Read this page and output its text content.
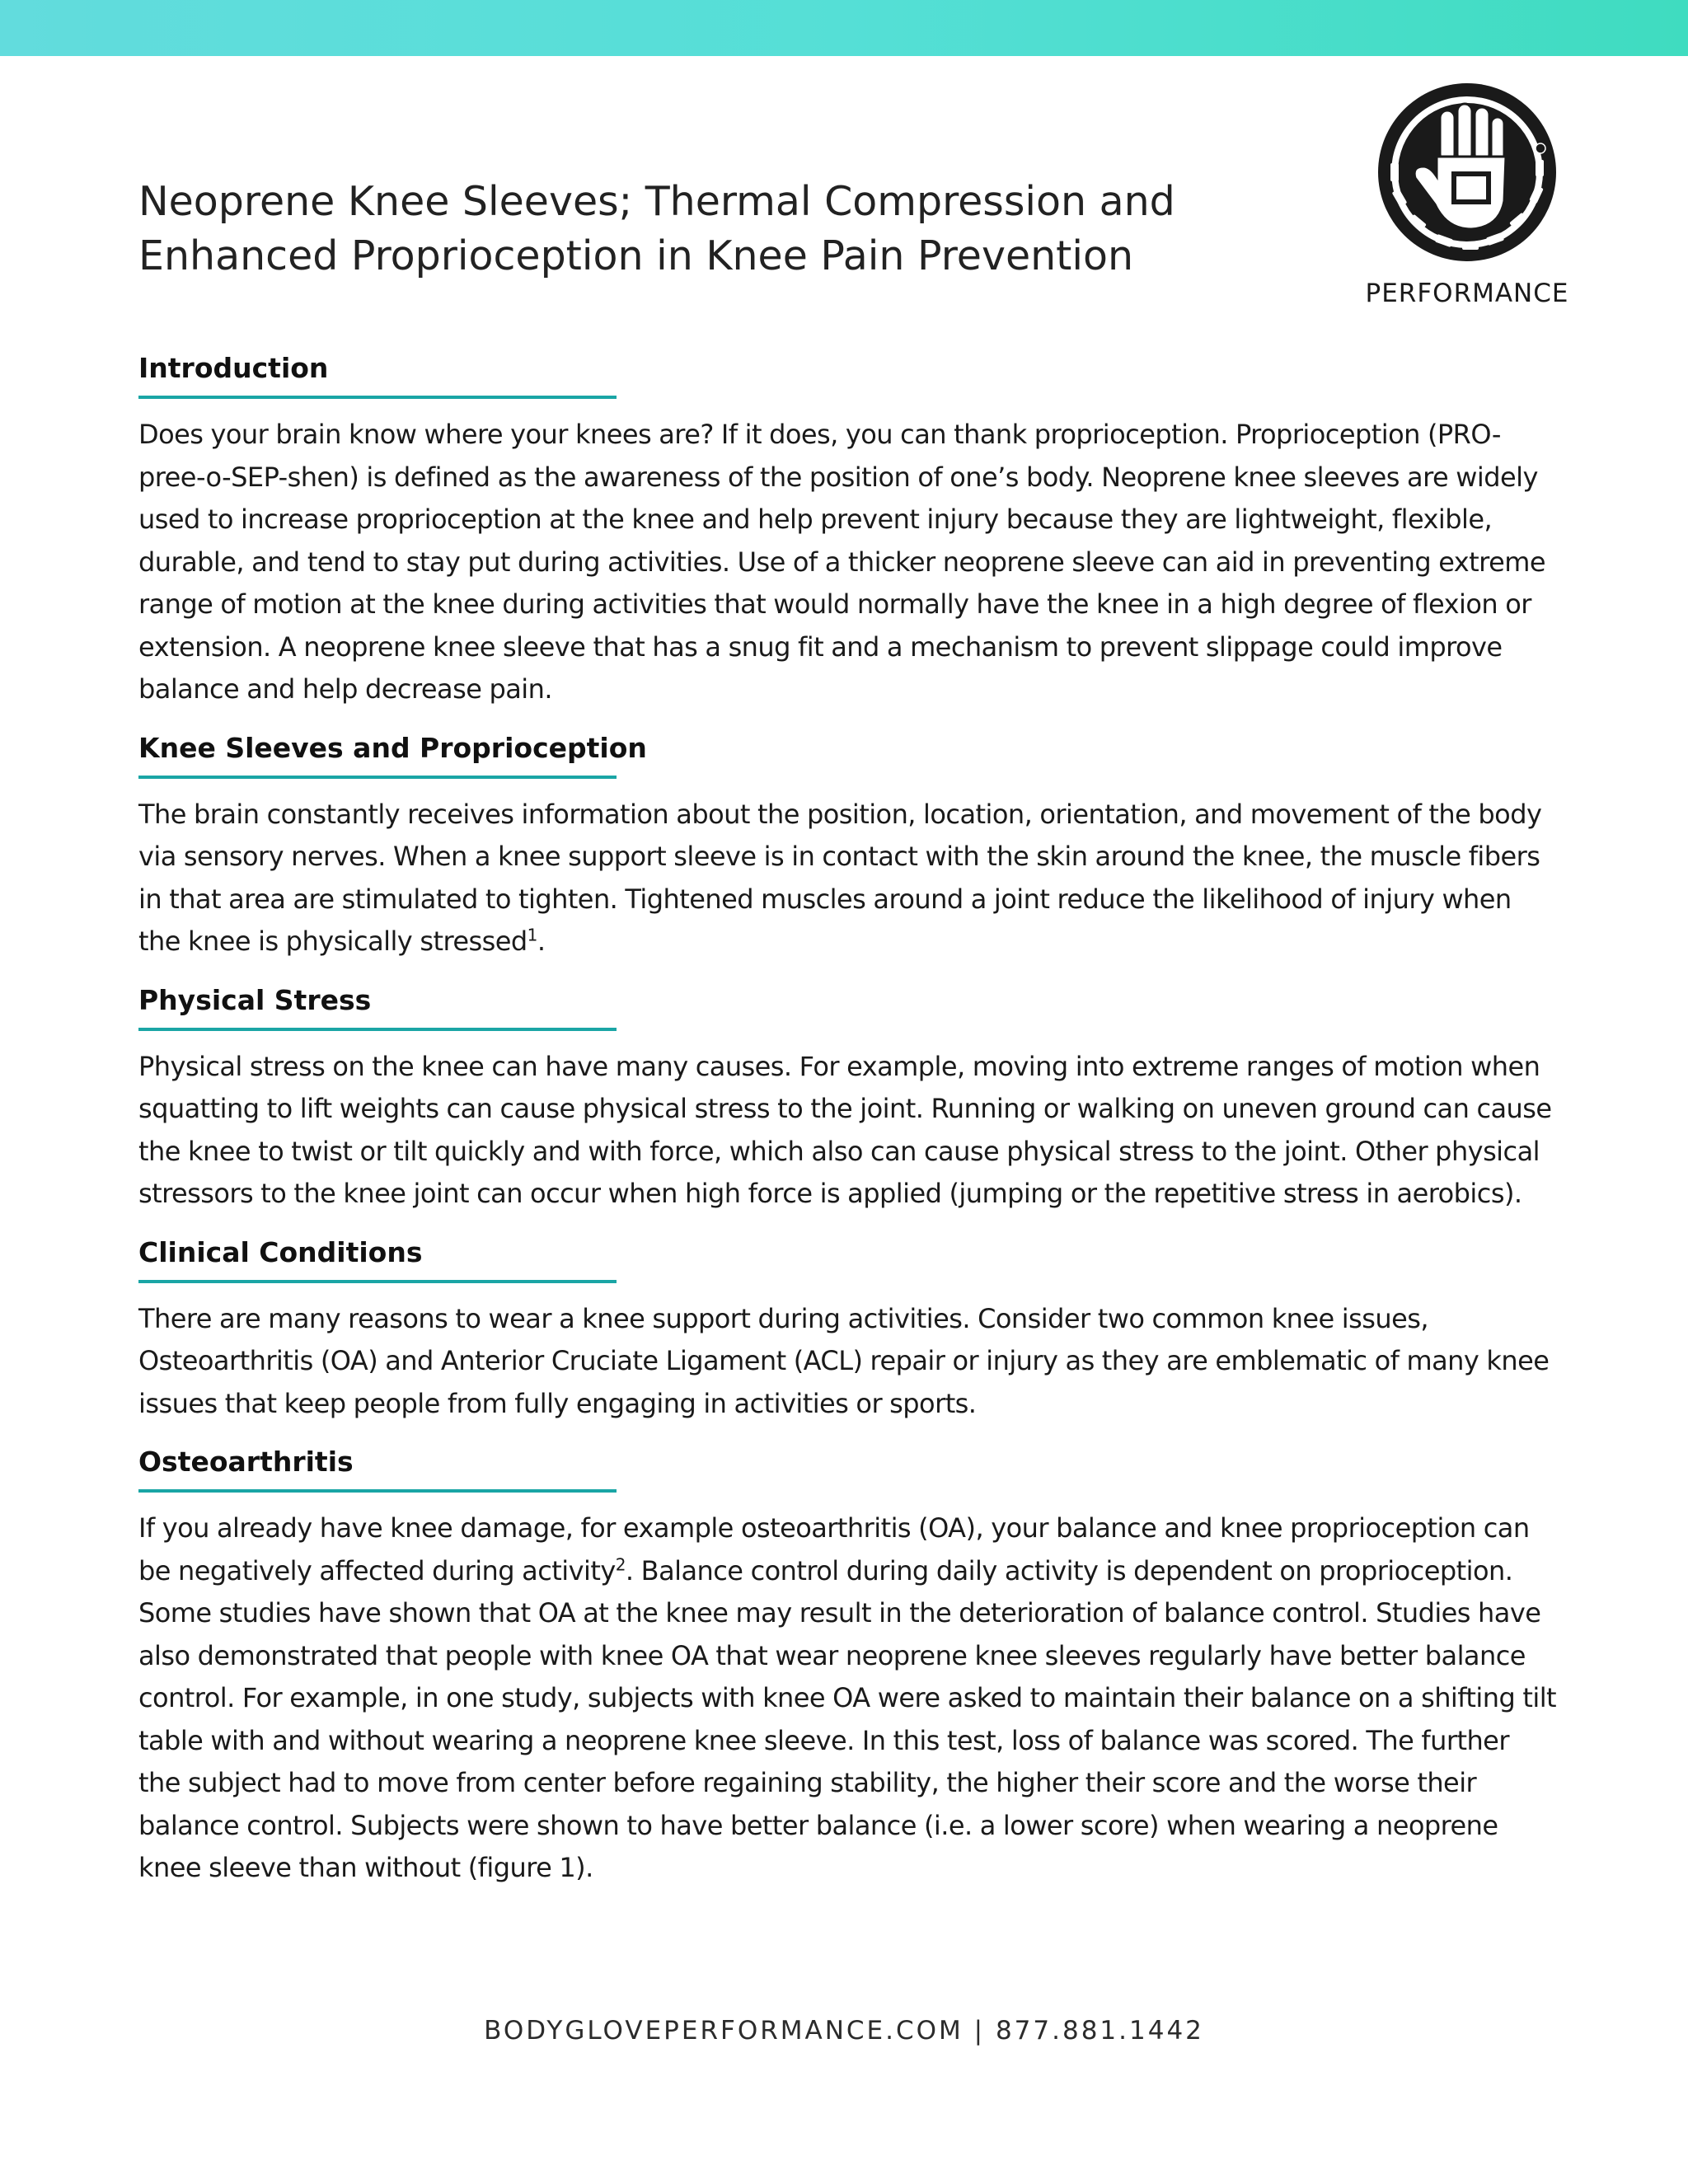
PERFORMANCE
Neoprene Knee Sleeves; Thermal Compression and Enhanced Proprioception in Knee Pain Prevention
Introduction

Does your brain know where your knees are? If it does, you can thank proprioception. Proprioception (PRO-pree-o-SEP-shen) is defined as the awareness of the position of one’s body. Neoprene knee sleeves are widely used to increase proprioception at the knee and help prevent injury because they are lightweight, flexible, durable, and tend to stay put during activities. Use of a thicker neoprene sleeve can aid in preventing extreme range of motion at the knee during activities that would normally have the knee in a high degree of flexion or extension. A neoprene knee sleeve that has a snug fit and a mechanism to prevent slippage could improve balance and help decrease pain.

Knee Sleeves and Proprioception

The brain constantly receives information about the position, location, orientation, and movement of the body via sensory nerves. When a knee support sleeve is in contact with the skin around the knee, the muscle fibers in that area are stimulated to tighten. Tightened muscles around a joint reduce the likelihood of injury when the knee is physically stressed$^1$.

Physical Stress

Physical stress on the knee can have many causes. For example, moving into extreme ranges of motion when squatting to lift weights can cause physical stress to the joint. Running or walking on uneven ground can cause the knee to twist or tilt quickly and with force, which also can cause physical stress to the joint. Other physical stressors to the knee joint can occur when high force is applied (jumping or the repetitive stress in aerobics).

Clinical Conditions

There are many reasons to wear a knee support during activities. Consider two common knee issues, Osteoarthritis (OA) and Anterior Cruciate Ligament (ACL) repair or injury as they are emblematic of many knee issues that keep people from fully engaging in activities or sports.

Osteoarthritis

If you already have knee damage, for example osteoarthritis (OA), your balance and knee proprioception can be negatively affected during activity$^2$. Balance control during daily activity is dependent on proprioception. Some studies have shown that OA at the knee may result in the deterioration of balance control. Studies have also demonstrated that people with knee OA that wear neoprene knee sleeves regularly have better balance control. For example, in one study, subjects with knee OA were asked to maintain their balance on a shifting tilt table with and without wearing a neoprene knee sleeve. In this test, loss of balance was scored. The further the subject had to move from center before regaining stability, the higher their score and the worse their balance control. Subjects were shown to have better balance (i.e. a lower score) when wearing a neoprene knee sleeve than without (figure 1).

BODYGLOVEPERFORMANCE.COM | 877.881.1442
